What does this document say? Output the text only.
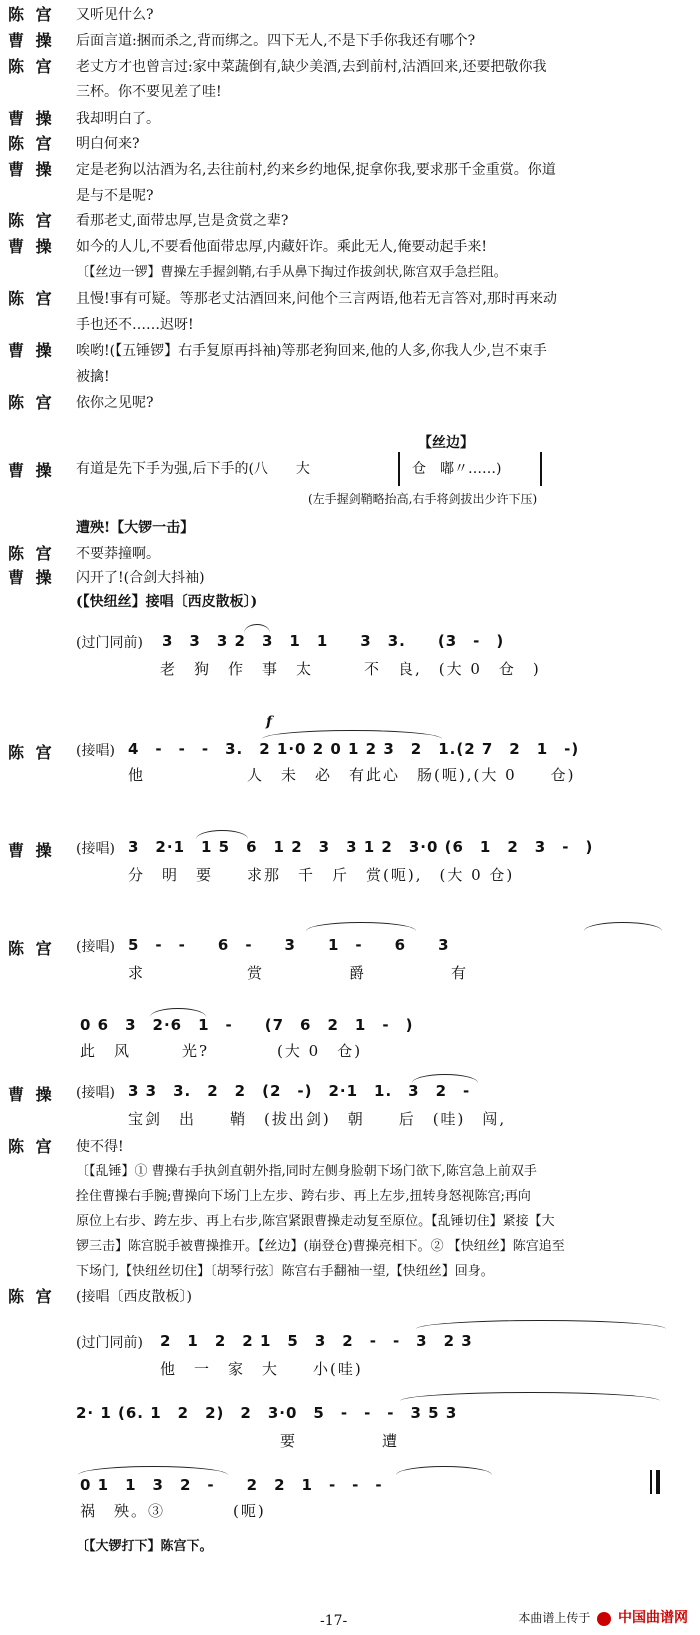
陈 宫 又听见什么?
曹 操 后面言道:捆而杀之,背而绑之。四下无人,不是下手你我还有哪个?
陈 宫 老丈方才也曾言过:家中菜蔬倒有,缺少美酒,去到前村,沽酒回来,还要把敬你我
三杯。你不要见差了哇!
曹 操 我却明白了。
陈 宫 明白何来?
曹 操 定是老狗以沽酒为名,去往前村,约来乡约地保,捉拿你我,要求那千金重赏。你道
是与不是呢?
陈 宫 看那老丈,面带忠厚,岂是贪赏之辈?
曹 操 如今的人儿,不要看他面带忠厚,内藏奸诈。乘此无人,俺要动起手来!
〔【丝边一锣】曹操左手握剑鞘,右手从鼻下掏过作拔剑状,陈宫双手急拦阻。
陈 宫 且慢!事有可疑。等那老丈沽酒回来,问他个三言两语,他若无言答对,那时再来动
手也还不……迟呀!
曹 操 唉哟!(【五锤锣】右手复原再抖袖)等那老狗回来,他的人多,你我人少,岂不束手
被擒!
陈 宫 依你之见呢?
【丝边】
曹 操 有道是先下手为强,后下手的(八　　大	仓　嘟〃……)
(左手握剑鞘略抬高,右手将剑拔出少许下压)
遭殃!【大锣一击】
陈 宫 不要莽撞啊。
曹 操 闪开了!(合剑大抖袖)
(【快纽丝】接唱〔西皮散板〕)
(过门同前) 3　3　3 2　3　1　1　　3　3.　　(3　-　)
老　狗　作　事　太　　　不　良,　(大 0　仓　)
陈 宫 (接唱)
f
4　-　-　-　3.　2 1·0 2 0 1 2 3　2　1.(2 7　2　1　-)
他　　　　　　人　未　必　有此心　肠(呃),(大 0　　仓)
曹 操 (接唱) 3　2·1　1 5　6　1 2　3　3 1 2　3·0 (6　1　2　3　-　)
分　明　要　　求那　千　斤　赏(呃),　(大 0 仓)
陈 宫 (接唱) 5　-　-　　6　-　　3　　1　-　　6　　3
求　　　　　　赏　　　　　爵　　　　　有
0 6　3　2·6　1　-　　(7　6　2　1　-　)
此　风　　　光?　　　　(大 0　仓)
曹 操 (接唱) 3 3　3.　2　2　(2　-)　2·1　1.　3　2　-
宝剑　出　　鞘　(拔出剑)　朝　　后　(哇)　闯,
陈 宫 使不得!
〔【乱锤】① 曹操右手执剑直朝外指,同时左侧身脸朝下场门欲下,陈宫急上前双手
拴住曹操右手腕;曹操向下场门上左步、跨右步、再上左步,扭转身怒视陈宫;再向
原位上右步、跨左步、再上右步,陈宫紧跟曹操走动复至原位。【乱锤切住】紧接【大
锣三击】陈宫脱手被曹操推开。【丝边】(崩登仓)曹操亮相下。② 【快纽丝】陈宫追至
下场门,【快纽丝切住】〔胡琴行弦〕陈宫右手翻袖一望,【快纽丝】回身。
陈 宫 (接唱〔西皮散板〕)
(过门同前) 2　1　2　2 1　5　3　2　-　-　3　2 3
他　一　家　大　　小(哇)
2· 1 (6. 1　2　2)　2　3·0　5　-　-　-　3 5 3
要　　　　　遭
0 1　1　3　2　-　　2　2　1　-　-　-
祸　殃。③　　　　(呃)
〔【大锣打下】陈宫下。
-17-	本曲谱上传于 中国曲谱网
